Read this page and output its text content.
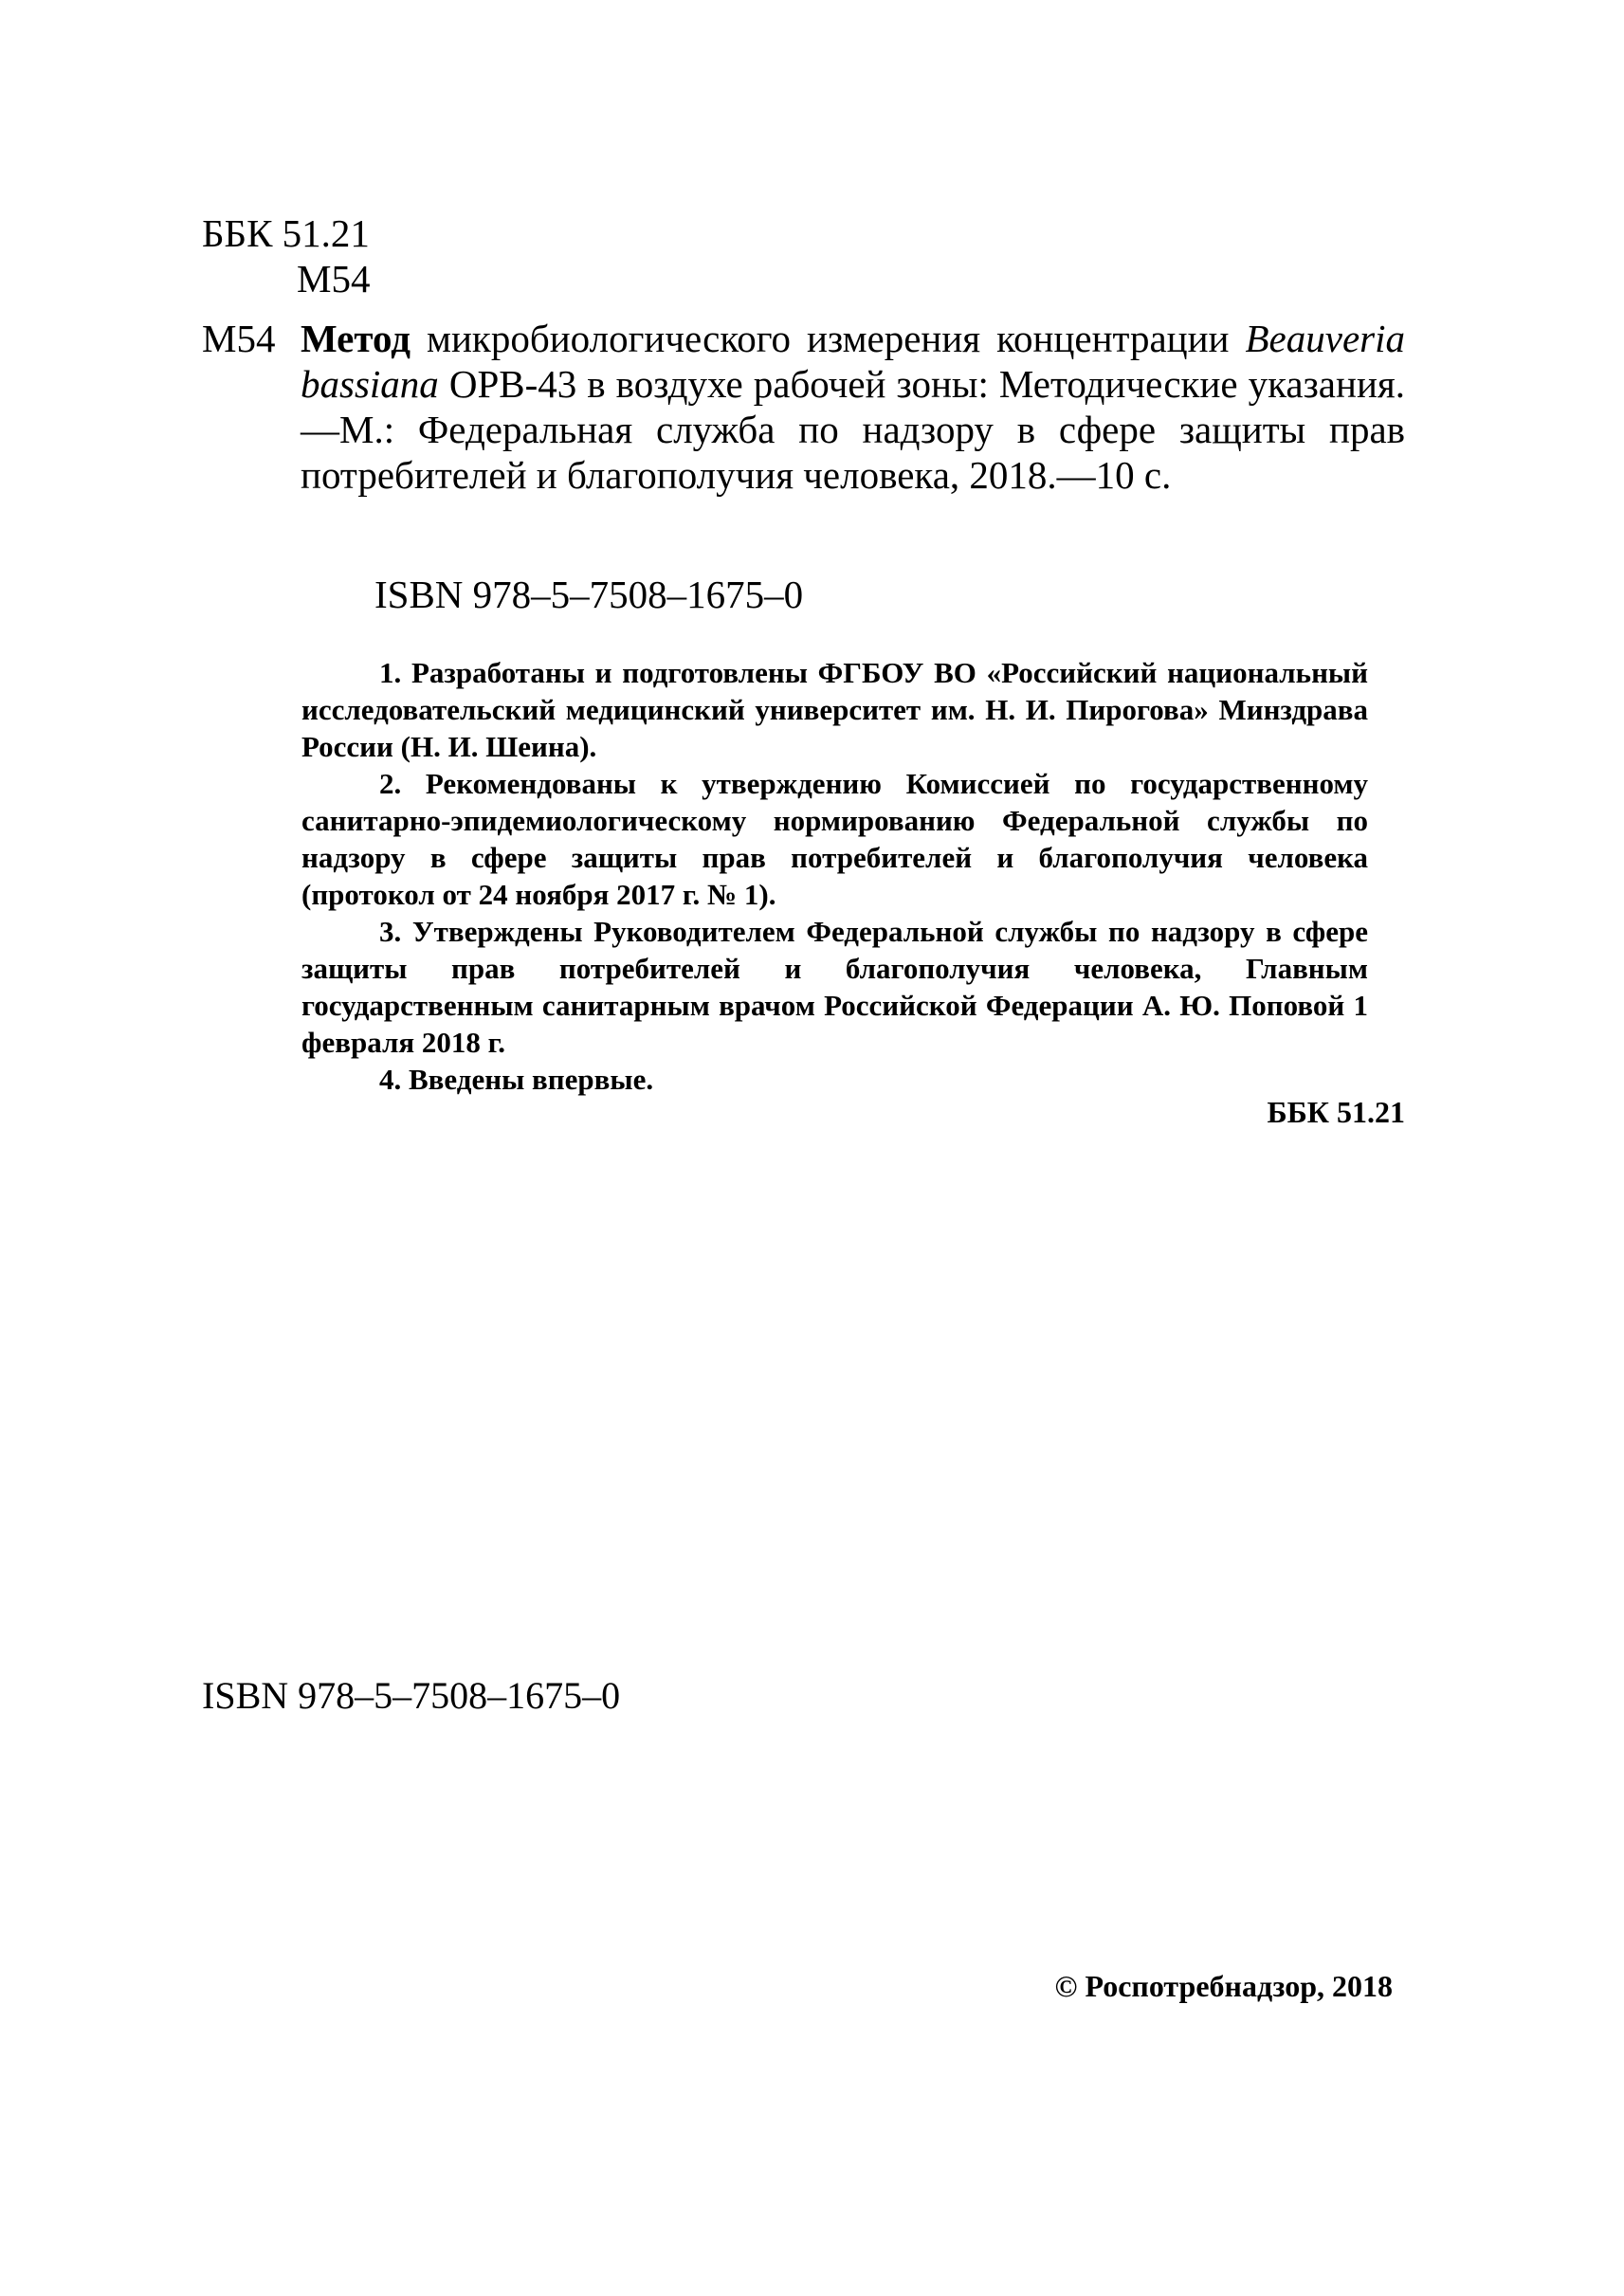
ББК 51.21
М54
М54 Метод микробиологического измерения концентрации Beauveria bassiana ОРВ-43 в воздухе рабочей зоны: Методические указания.—М.: Федеральная служба по надзору в сфере защиты прав потребителей и благополучия человека, 2018.—10 с.
ISBN 978–5–7508–1675–0

1. Разработаны и подготовлены ФГБОУ ВО «Российский национальный исследовательский медицинский университет им. Н. И. Пирогова» Минздрава России (Н. И. Шеина).

2. Рекомендованы к утверждению Комиссией по государственному санитарно-эпидемиологическому нормированию Федеральной службы по надзору в сфере защиты прав потребителей и благополучия человека (протокол от 24 ноября 2017 г. № 1).

3. Утверждены Руководителем Федеральной службы по надзору в сфере защиты прав потребителей и благополучия человека, Главным государственным санитарным врачом Российской Федерации А. Ю. Поповой 1 февраля 2018 г.

4. Введены впервые.

ББК 51.21
ISBN 978–5–7508–1675–0
© Роспотребнадзор, 2018
